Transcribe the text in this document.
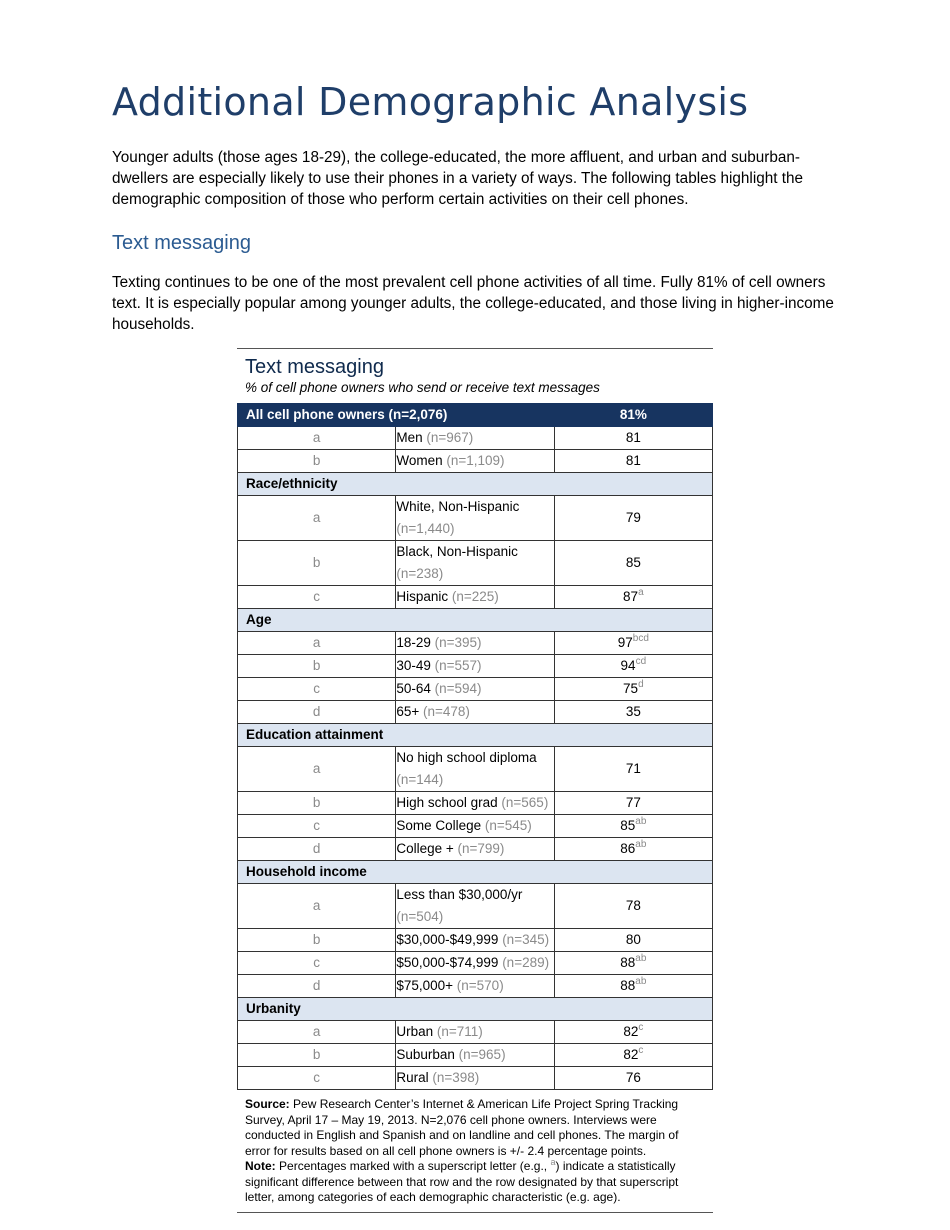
Additional Demographic Analysis

Younger adults (those ages 18-29), the college-educated, the more affluent, and urban and suburban-dwellers are especially likely to use their phones in a variety of ways. The following tables highlight the demographic composition of those who perform certain activities on their cell phones.

Text messaging

Texting continues to be one of the most prevalent cell phone activities of all time. Fully 81% of cell owners text. It is especially popular among younger adults, the college-educated, and those living in higher-income households.

Text messaging
% of cell phone owners who send or receive text messages
All cell phone owners (n=2,076)		81%
a	Men (n=967)	81
b	Women (n=1,109)	81
Race/ethnicity		
a	White, Non-Hispanic (n=1,440)	79
b	Black, Non-Hispanic (n=238)	85
c	Hispanic (n=225)	87$^a$
Age		
a	18-29 (n=395)	$97^{bcd}$
b	30-49 (n=557)	$94^{cd}$
c	50-64 (n=594)	75$^d$
d	65+ (n=478)	35
Education attainment		
a	No high school diploma (n=144)	71
b	High school grad (n=565)	77
c	Some College (n=545)	$85^{ab}$
d	College + (n=799)	$86^{ab}$
Household income		
a	Less than $30,000/yr (n=504)	78
b	$30,000-$49,999 (n=345)	80
c	$50,000-$74,999 (n=289)	$88^{ab}$
d	$75,000+ (n=570)	$88^{ab}$
Urbanity		
a	Urban (n=711)	82$^c$
b	Suburban (n=965)	82$^c$
c	Rural (n=398)	76
Source: Pew Research Center’s Internet & American Life Project Spring Tracking Survey, April 17 – May 19, 2013. N=2,076 cell phone owners. Interviews were conducted in English and Spanish and on landline and cell phones. The margin of error for results based on all cell phone owners is +/- 2.4 percentage points.
Note: Percentages marked with a superscript letter (e.g., $^a$) indicate a statistically significant difference between that row and the row designated by that superscript letter, among categories of each demographic characteristic (e.g. age).
